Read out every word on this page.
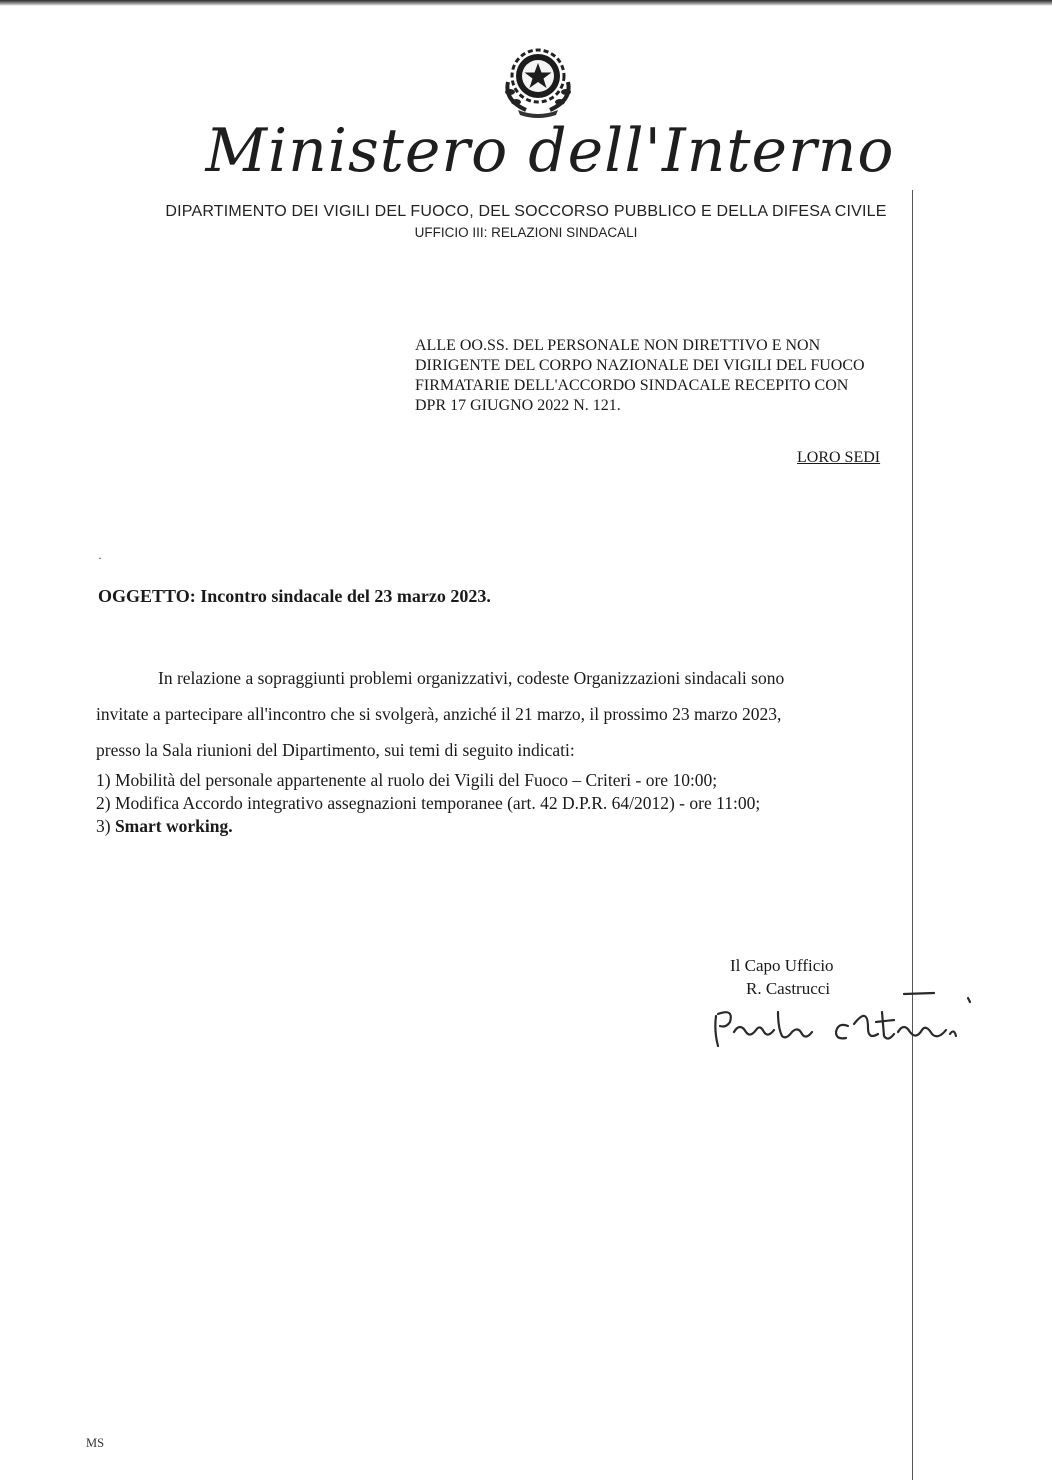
Ministero dell'Interno

DIPARTIMENTO DEI VIGILI DEL FUOCO, DEL SOCCORSO PUBBLICO E DELLA DIFESA CIVILE

UFFICIO III: RELAZIONI SINDACALI

ALLE OO.SS. DEL PERSONALE NON DIRETTIVO E NON
DIRIGENTE DEL CORPO NAZIONALE DEI VIGILI DEL FUOCO
FIRMATARIE DELL'ACCORDO SINDACALE RECEPITO CON
DPR 17 GIUGNO 2022 N. 121.

LORO SEDI

·

OGGETTO: Incontro sindacale del 23 marzo 2023.

In relazione a sopraggiunti problemi organizzativi, codeste Organizzazioni sindacali sono
invitate a partecipare all'incontro che si svolgerà, anziché il 21 marzo, il prossimo 23 marzo 2023,
presso la Sala riunioni del Dipartimento, sui temi di seguito indicati:

1) Mobilità del personale appartenente al ruolo dei Vigili del Fuoco – Criteri - ore 10:00;
2) Modifica Accordo integrativo assegnazioni temporanee (art. 42 D.P.R. 64/2012) - ore 11:00;
3) Smart working.

Il Capo Ufficio
R. Castrucci

MS
